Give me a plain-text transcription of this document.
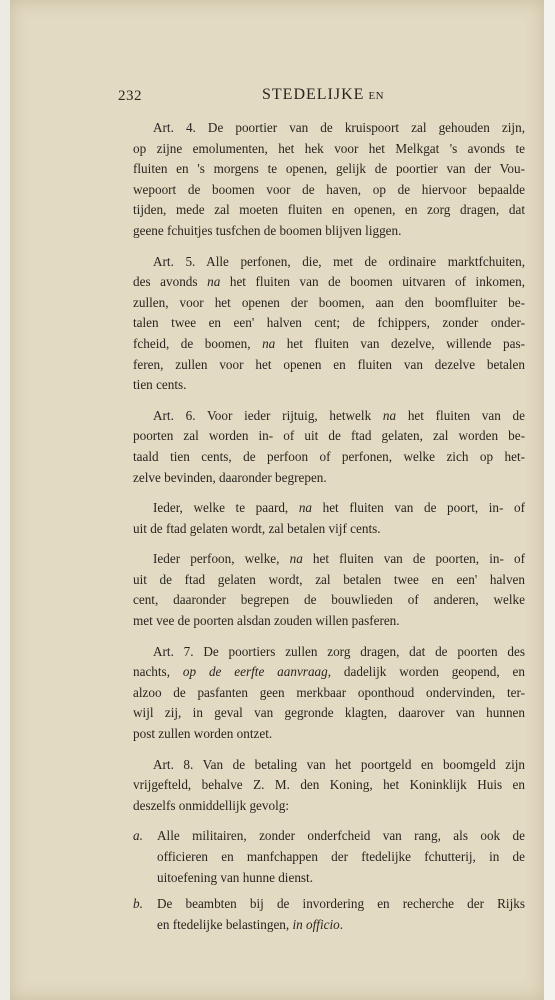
232	STEDELIJKE EN
Art. 4. De poortier van de kruispoort zal gehouden zijn,
op zijne emolumenten, het hek voor het Melkgat 's avonds te
fluiten en 's morgens te openen, gelijk de poortier van der Vou-
wepoort de boomen voor de haven, op de hiervoor bepaalde
tijden, mede zal moeten fluiten en openen, en zorg dragen, dat
geene fchuitjes tusfchen de boomen blijven liggen.
Art. 5. Alle perfonen, die, met de ordinaire marktfchuiten,
des avonds na het fluiten van de boomen uitvaren of inkomen,
zullen, voor het openen der boomen, aan den boomfluiter be-
talen twee en een' halven cent; de fchippers, zonder onder-
fcheid, de boomen, na het fluiten van dezelve, willende pas-
feren, zullen voor het openen en fluiten van dezelve betalen
tien cents.
Art. 6. Voor ieder rijtuig, hetwelk na het fluiten van de
poorten zal worden in- of uit de ftad gelaten, zal worden be-
taald tien cents, de perfoon of perfonen, welke zich op het-
zelve bevinden, daaronder begrepen.
Ieder, welke te paard, na het fluiten van de poort, in- of
uit de ftad gelaten wordt, zal betalen vijf cents.
Ieder perfoon, welke, na het fluiten van de poorten, in- of
uit de ftad gelaten wordt, zal betalen twee en een' halven
cent, daaronder begrepen de bouwlieden of anderen, welke
met vee de poorten alsdan zouden willen pasferen.
Art. 7. De poortiers zullen zorg dragen, dat de poorten des
nachts, op de eerfte aanvraag, dadelijk worden geopend, en
alzoo de pasfanten geen merkbaar oponthoud ondervinden, ter-
wijl zij, in geval van gegronde klagten, daarover van hunnen
post zullen worden ontzet.
Art. 8. Van de betaling van het poortgeld en boomgeld zijn
vrijgefteld, behalve Z. M. den Koning, het Koninklijk Huis en
deszelfs onmiddellijk gevolg:
a. Alle militairen, zonder onderfcheid van rang, als ook de
officieren en manfchappen der ftedelijke fchutterij, in de
uitoefening van hunne dienst.
b. De beambten bij de invordering en recherche der Rijks
en ftedelijke belastingen, in officio.
